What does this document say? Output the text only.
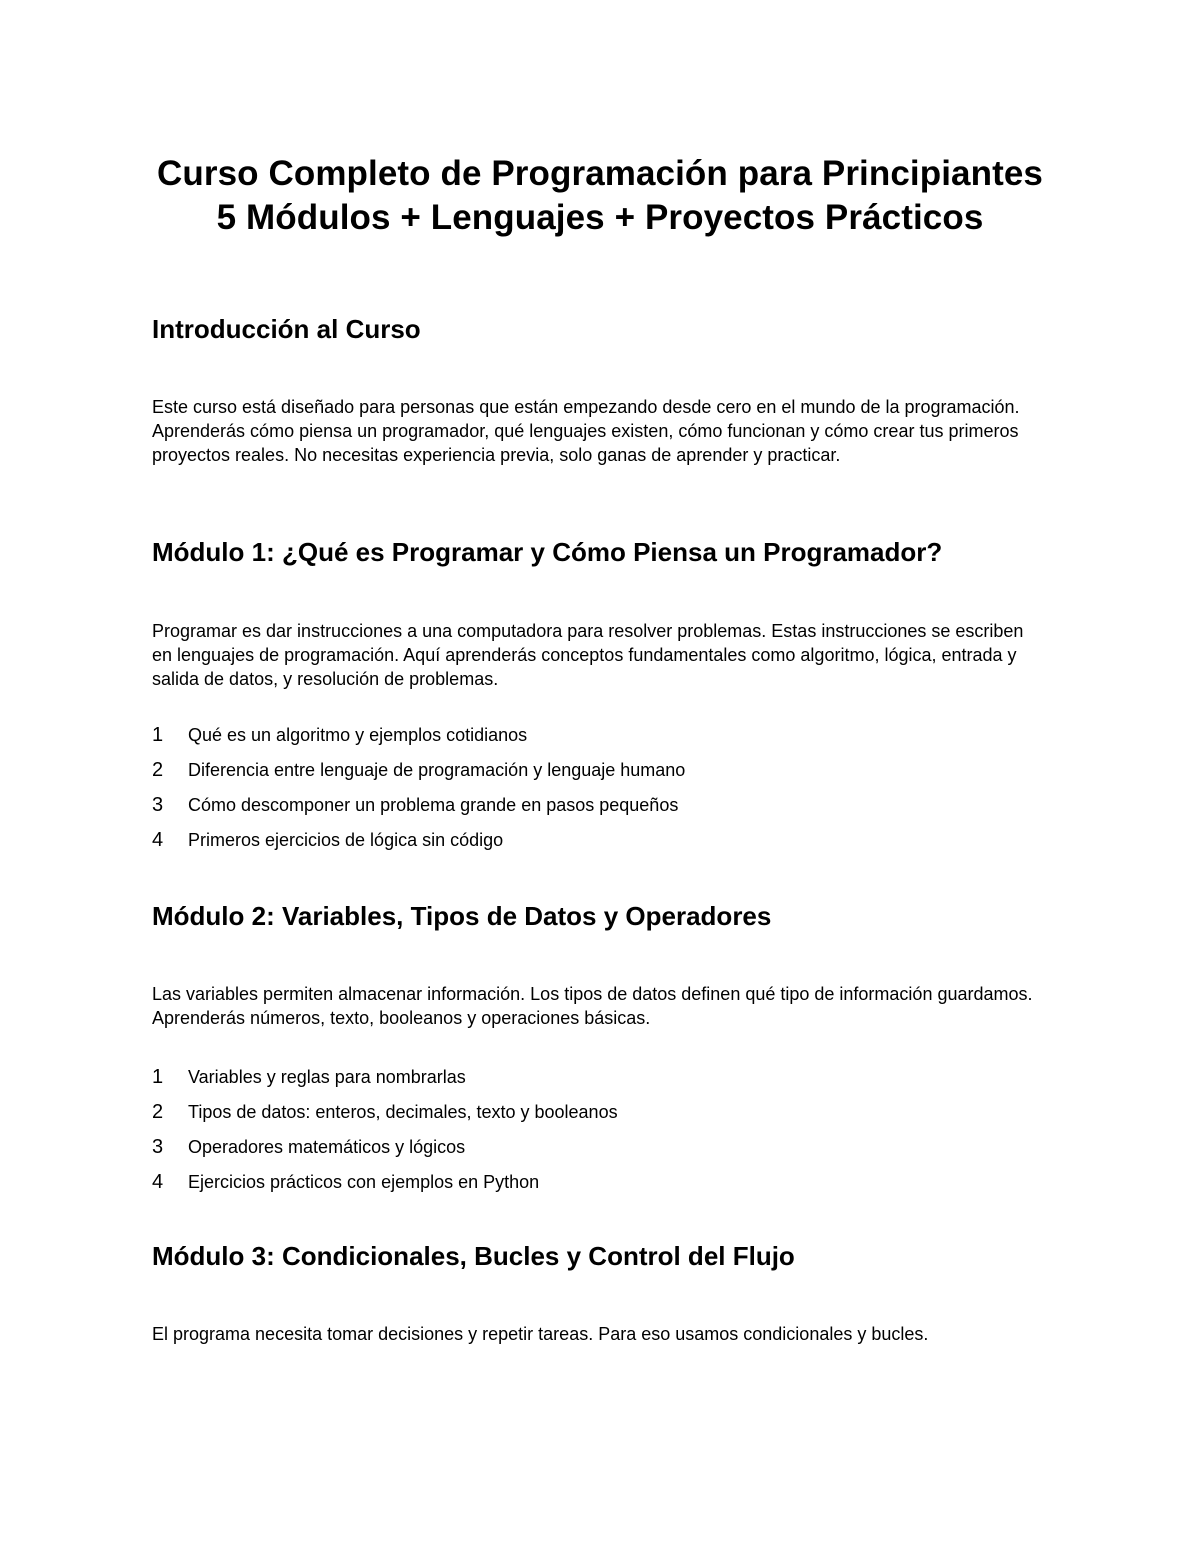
Curso Completo de Programación para Principiantes

5 Módulos + Lenguajes + Proyectos Prácticos

Introducción al Curso

Este curso está diseñado para personas que están empezando desde cero en el mundo de la programación. Aprenderás cómo piensa un programador, qué lenguajes existen, cómo funcionan y cómo crear tus primeros proyectos reales. No necesitas experiencia previa, solo ganas de aprender y practicar.

Módulo 1: ¿Qué es Programar y Cómo Piensa un Programador?

Programar es dar instrucciones a una computadora para resolver problemas. Estas instrucciones se escriben en lenguajes de programación. Aquí aprenderás conceptos fundamentales como algoritmo, lógica, entrada y salida de datos, y resolución de problemas.

1	Qué es un algoritmo y ejemplos cotidianos
2	Diferencia entre lenguaje de programación y lenguaje humano
3	Cómo descomponer un problema grande en pasos pequeños
4	Primeros ejercicios de lógica sin código
Módulo 2: Variables, Tipos de Datos y Operadores

Las variables permiten almacenar información. Los tipos de datos definen qué tipo de información guardamos. Aprenderás números, texto, booleanos y operaciones básicas.

1	Variables y reglas para nombrarlas
2	Tipos de datos: enteros, decimales, texto y booleanos
3	Operadores matemáticos y lógicos
4	Ejercicios prácticos con ejemplos en Python
Módulo 3: Condicionales, Bucles y Control del Flujo

El programa necesita tomar decisiones y repetir tareas. Para eso usamos condicionales y bucles.
